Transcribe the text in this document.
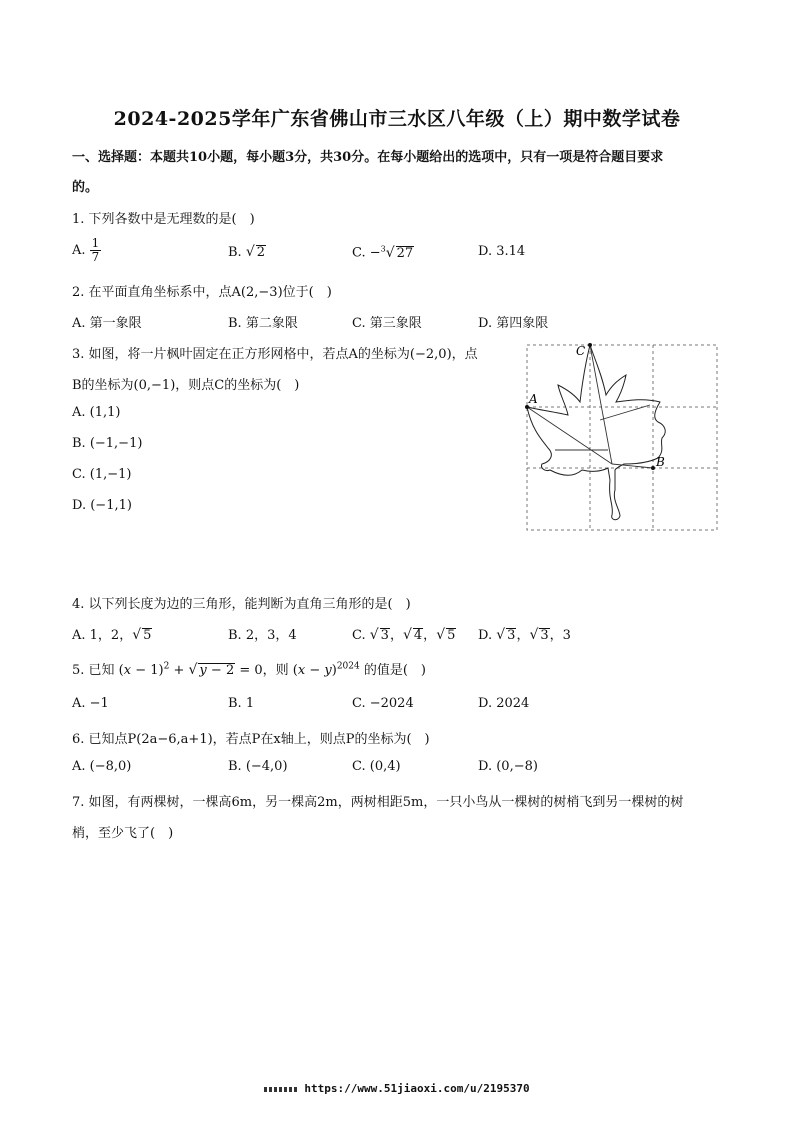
2024-2025学年广东省佛山市三水区八年级（上）期中数学试卷
一、选择题：本题共10小题，每小题3分，共30分。在每小题给出的选项中，只有一项是符合题目要求
的。
1. 下列各数中是无理数的是(　)
A. $\frac{1}{7}$	B. √ 2	C. −$^3$√ 27	D. 3.14
2. 在平面直角坐标系中，点A(2,−3)位于(　)
A. 第一象限	B. 第二象限	C. 第三象限	D. 第四象限
3. 如图，将一片枫叶固定在正方形网格中，若点A的坐标为(−2,0)，点
B的坐标为(0,−1)，则点C的坐标为(　)
A. (1,1)
B. (−1,−1)
C. (1,−1)
D. (−1,1)
A
B
C
4. 以下列长度为边的三角形，能判断为直角三角形的是(　)
A. 1，2，√ 5	B. 2，3，4	C. √ 3，√ 4，√ 5 D. √ 3，√ 3，3
5. 已知 $(x - 1)^2$ + √ y − 2 = 0，则 $(x - y)^{2024}$ 的值是(　)
A. −1	B. 1	C. −2024	D. 2024
6. 已知点P(2a−6,a+1)，若点P在x轴上，则点P的坐标为(　)
A. (−8,0)	B. (−4,0)	C. (0,4)	D. (0,−8)
7. 如图，有两棵树，一棵高6m，另一棵高2m，两树相距5m，一只小鸟从一棵树的树梢飞到另一棵树的树
梢，至少飞了(　)
https://www.51jiaoxi.com/u/2195370
